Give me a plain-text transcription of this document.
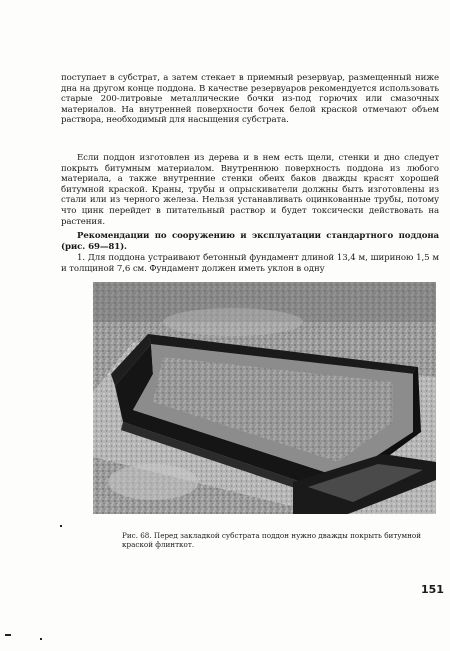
поступает в субстрат, а затем стекает в приемный резервуар, размещенный ниже дна на другом конце поддона. В качестве резервуаров рекомендуется использовать старые 200-литровые металлические бочки из-под горючих или смазочных материалов. На внутренней поверхности бочек белой краской отмечают объем раствора, необходимый для насыщения субстрата.

Если поддон изготовлен из дерева и в нем есть щели, стенки и дно следует покрыть битумным материалом. Внутреннюю поверхность поддона из любого материала, а также внутренние стенки обеих баков дважды красят хорошей битумной краской. Краны, трубы и опрыскиватели должны быть изготовлены из стали или из черного железа. Нельзя устанавливать оцинкованные трубы, потому что цинк перейдет в питательный раствор и будет токсически действовать на растения.

Рекомендации по сооружению и эксплуатации стандартного поддона (рис. 69—81).

1. Для поддона устраивают бетонный фундамент длиной 13,4 м, шириною 1,5 м и толщиной 7,6 см. Фундамент должен иметь уклон в одну

Рис. 68. Перед закладкой субстрата поддон нужно дважды покрыть битумной краской флинткот.

151
